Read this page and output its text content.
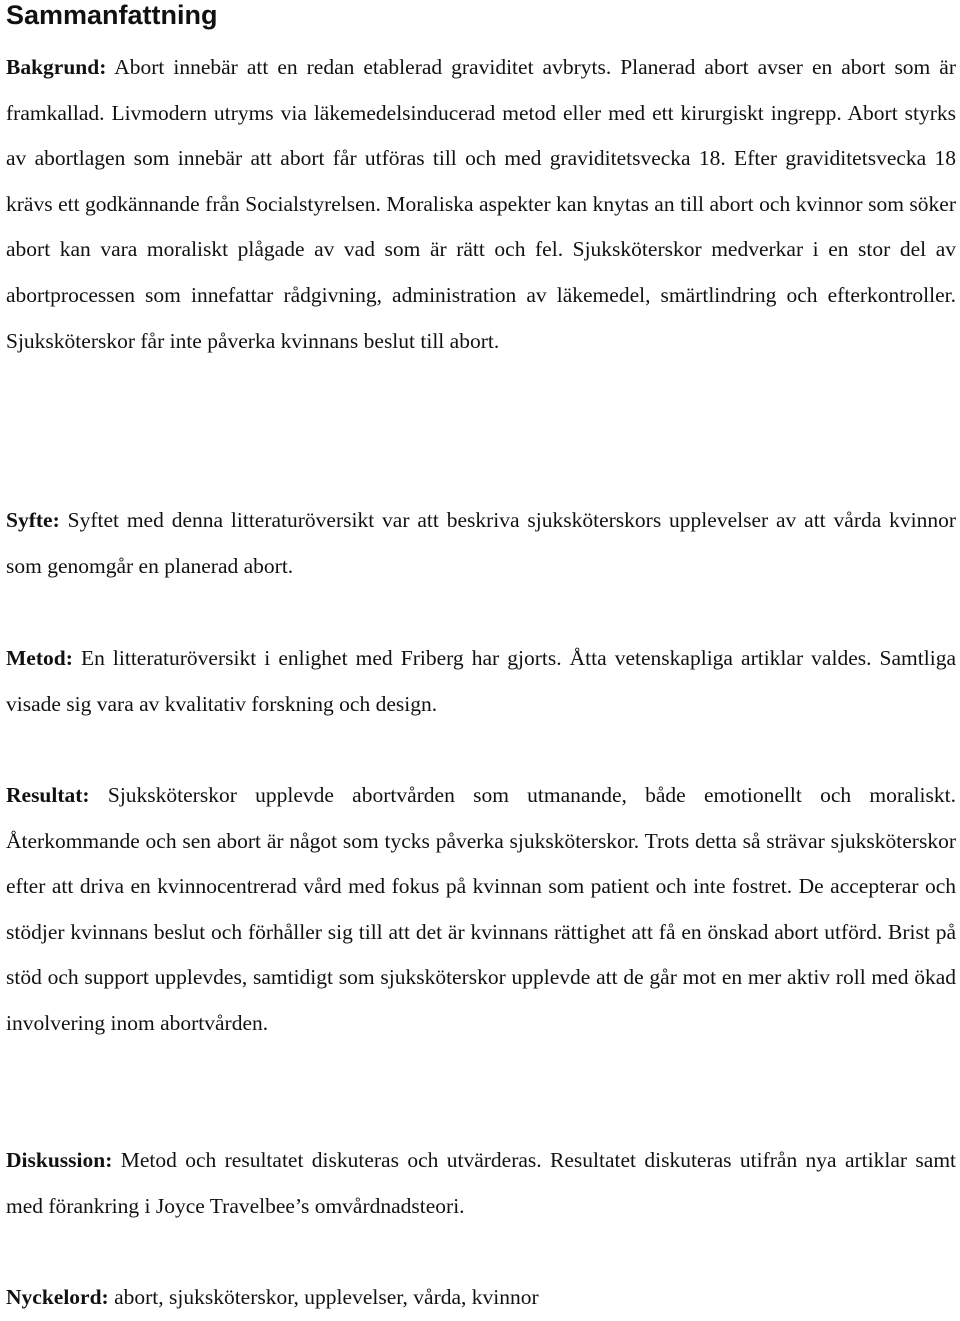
Sammanfattning

Bakgrund: Abort innebär att en redan etablerad graviditet avbryts. Planerad abort avser en abort som är framkallad. Livmodern utryms via läkemedelsinducerad metod eller med ett kirurgiskt ingrepp. Abort styrks av abortlagen som innebär att abort får utföras till och med graviditetsvecka 18. Efter graviditetsvecka 18 krävs ett godkännande från Socialstyrelsen. Moraliska aspekter kan knytas an till abort och kvinnor som söker abort kan vara moraliskt plågade av vad som är rätt och fel. Sjuksköterskor medverkar i en stor del av abortprocessen som innefattar rådgivning, administration av läkemedel, smärtlindring och efterkontroller. Sjuksköterskor får inte påverka kvinnans beslut till abort.

Syfte: Syftet med denna litteraturöversikt var att beskriva sjuksköterskors upplevelser av att vårda kvinnor som genomgår en planerad abort.

Metod: En litteraturöversikt i enlighet med Friberg har gjorts. Åtta vetenskapliga artiklar valdes. Samtliga visade sig vara av kvalitativ forskning och design.

Resultat: Sjuksköterskor upplevde abortvården som utmanande, både emotionellt och moraliskt. Återkommande och sen abort är något som tycks påverka sjuksköterskor. Trots detta så strävar sjuksköterskor efter att driva en kvinnocentrerad vård med fokus på kvinnan som patient och inte fostret. De accepterar och stödjer kvinnans beslut och förhåller sig till att det är kvinnans rättighet att få en önskad abort utförd. Brist på stöd och support upplevdes, samtidigt som sjuksköterskor upplevde att de går mot en mer aktiv roll med ökad involvering inom abortvården.

Diskussion: Metod och resultatet diskuteras och utvärderas. Resultatet diskuteras utifrån nya artiklar samt med förankring i Joyce Travelbee’s omvårdnadsteori.

Nyckelord: abort, sjuksköterskor, upplevelser, vårda, kvinnor
